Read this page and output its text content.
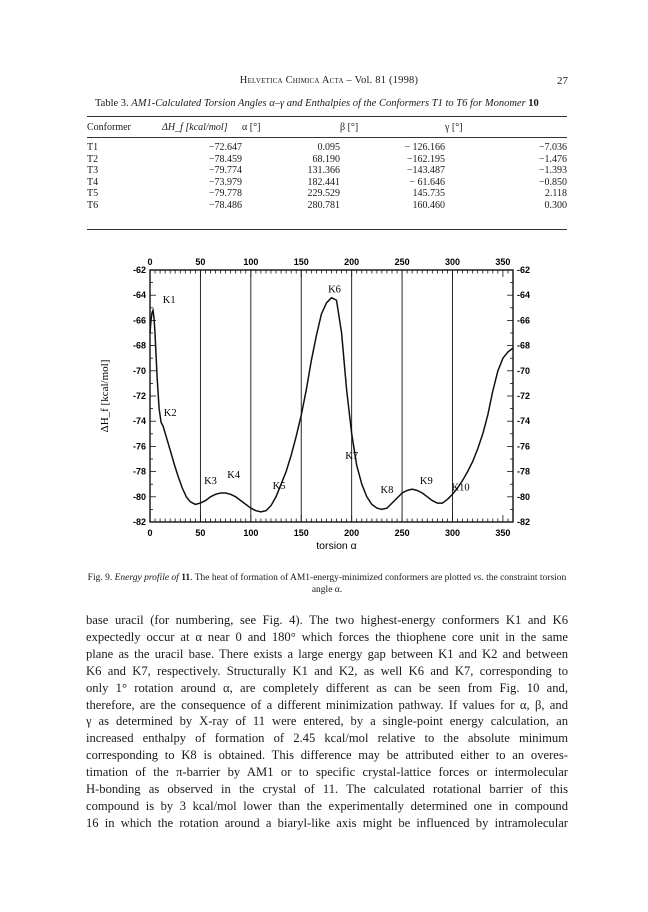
Helvetica Chimica Acta – Vol. 81 (1998)	27
Table 3. AM1-Calculated Torsion Angles α–γ and Enthalpies of the Conformers T1 to T6 for Monomer 10
Conformer	ΔH_f [kcal/mol]	α [°]	β [°]	γ [°]
T1	−72.647	0.095	− 126.166	−7.036
T2	−78.459	68.190	−162.195	−1.476
T3	−79.774	131.366	−143.487	−1.393
T4	−73.979	182.441	− 61.646	−0.850
T5	−79.778	229.529	145.735	2.118
T6	−78.486	280.781	160.460	0.300
0
0
50
50
100
100
150
150
200
200
250
250
300
300
350
350
-62	-62
-64	-64
-66	-66
-68	-68
-70	-70
-72	-72
-74	-74
-76	-76
-78	-78
-80	-80
-82	-82
K1
K2
K3
K4
K5
K6
K7
K8
K9
K10
torsion α
ΔH_f [kcal/mol]
Fig. 9. Energy profile of 11. The heat of formation of AM1-energy-minimized conformers are plotted vs. the constraint torsion angle α.
base uracil (for numbering, see Fig. 4). The two highest-energy conformers K1 and K6
expectedly occur at α near 0 and 180° which forces the thiophene core unit in the same
plane as the uracil base. There exists a large energy gap between K1 and K2 and between
K6 and K7, respectively. Structurally K1 and K2, as well K6 and K7, corresponding to
only 1° rotation around α, are completely different as can be seen from Fig. 10 and,
therefore, are the consequence of a different minimization pathway. If values for α, β, and
γ as determined by X-ray of 11 were entered, by a single-point energy calculation, an
increased enthalpy of formation of 2.45 kcal/mol relative to the absolute minimum
corresponding to K8 is obtained. This difference may be attributed either to an overes-
timation of the π-barrier by AM1 or to specific crystal-lattice forces or intermolecular
H-bonding as observed in the crystal of 11. The calculated rotational barrier of this
compound is by 3 kcal/mol lower than the experimentally determined one in compound
16 in which the rotation around a biaryl-like axis might be influenced by intramolecular
